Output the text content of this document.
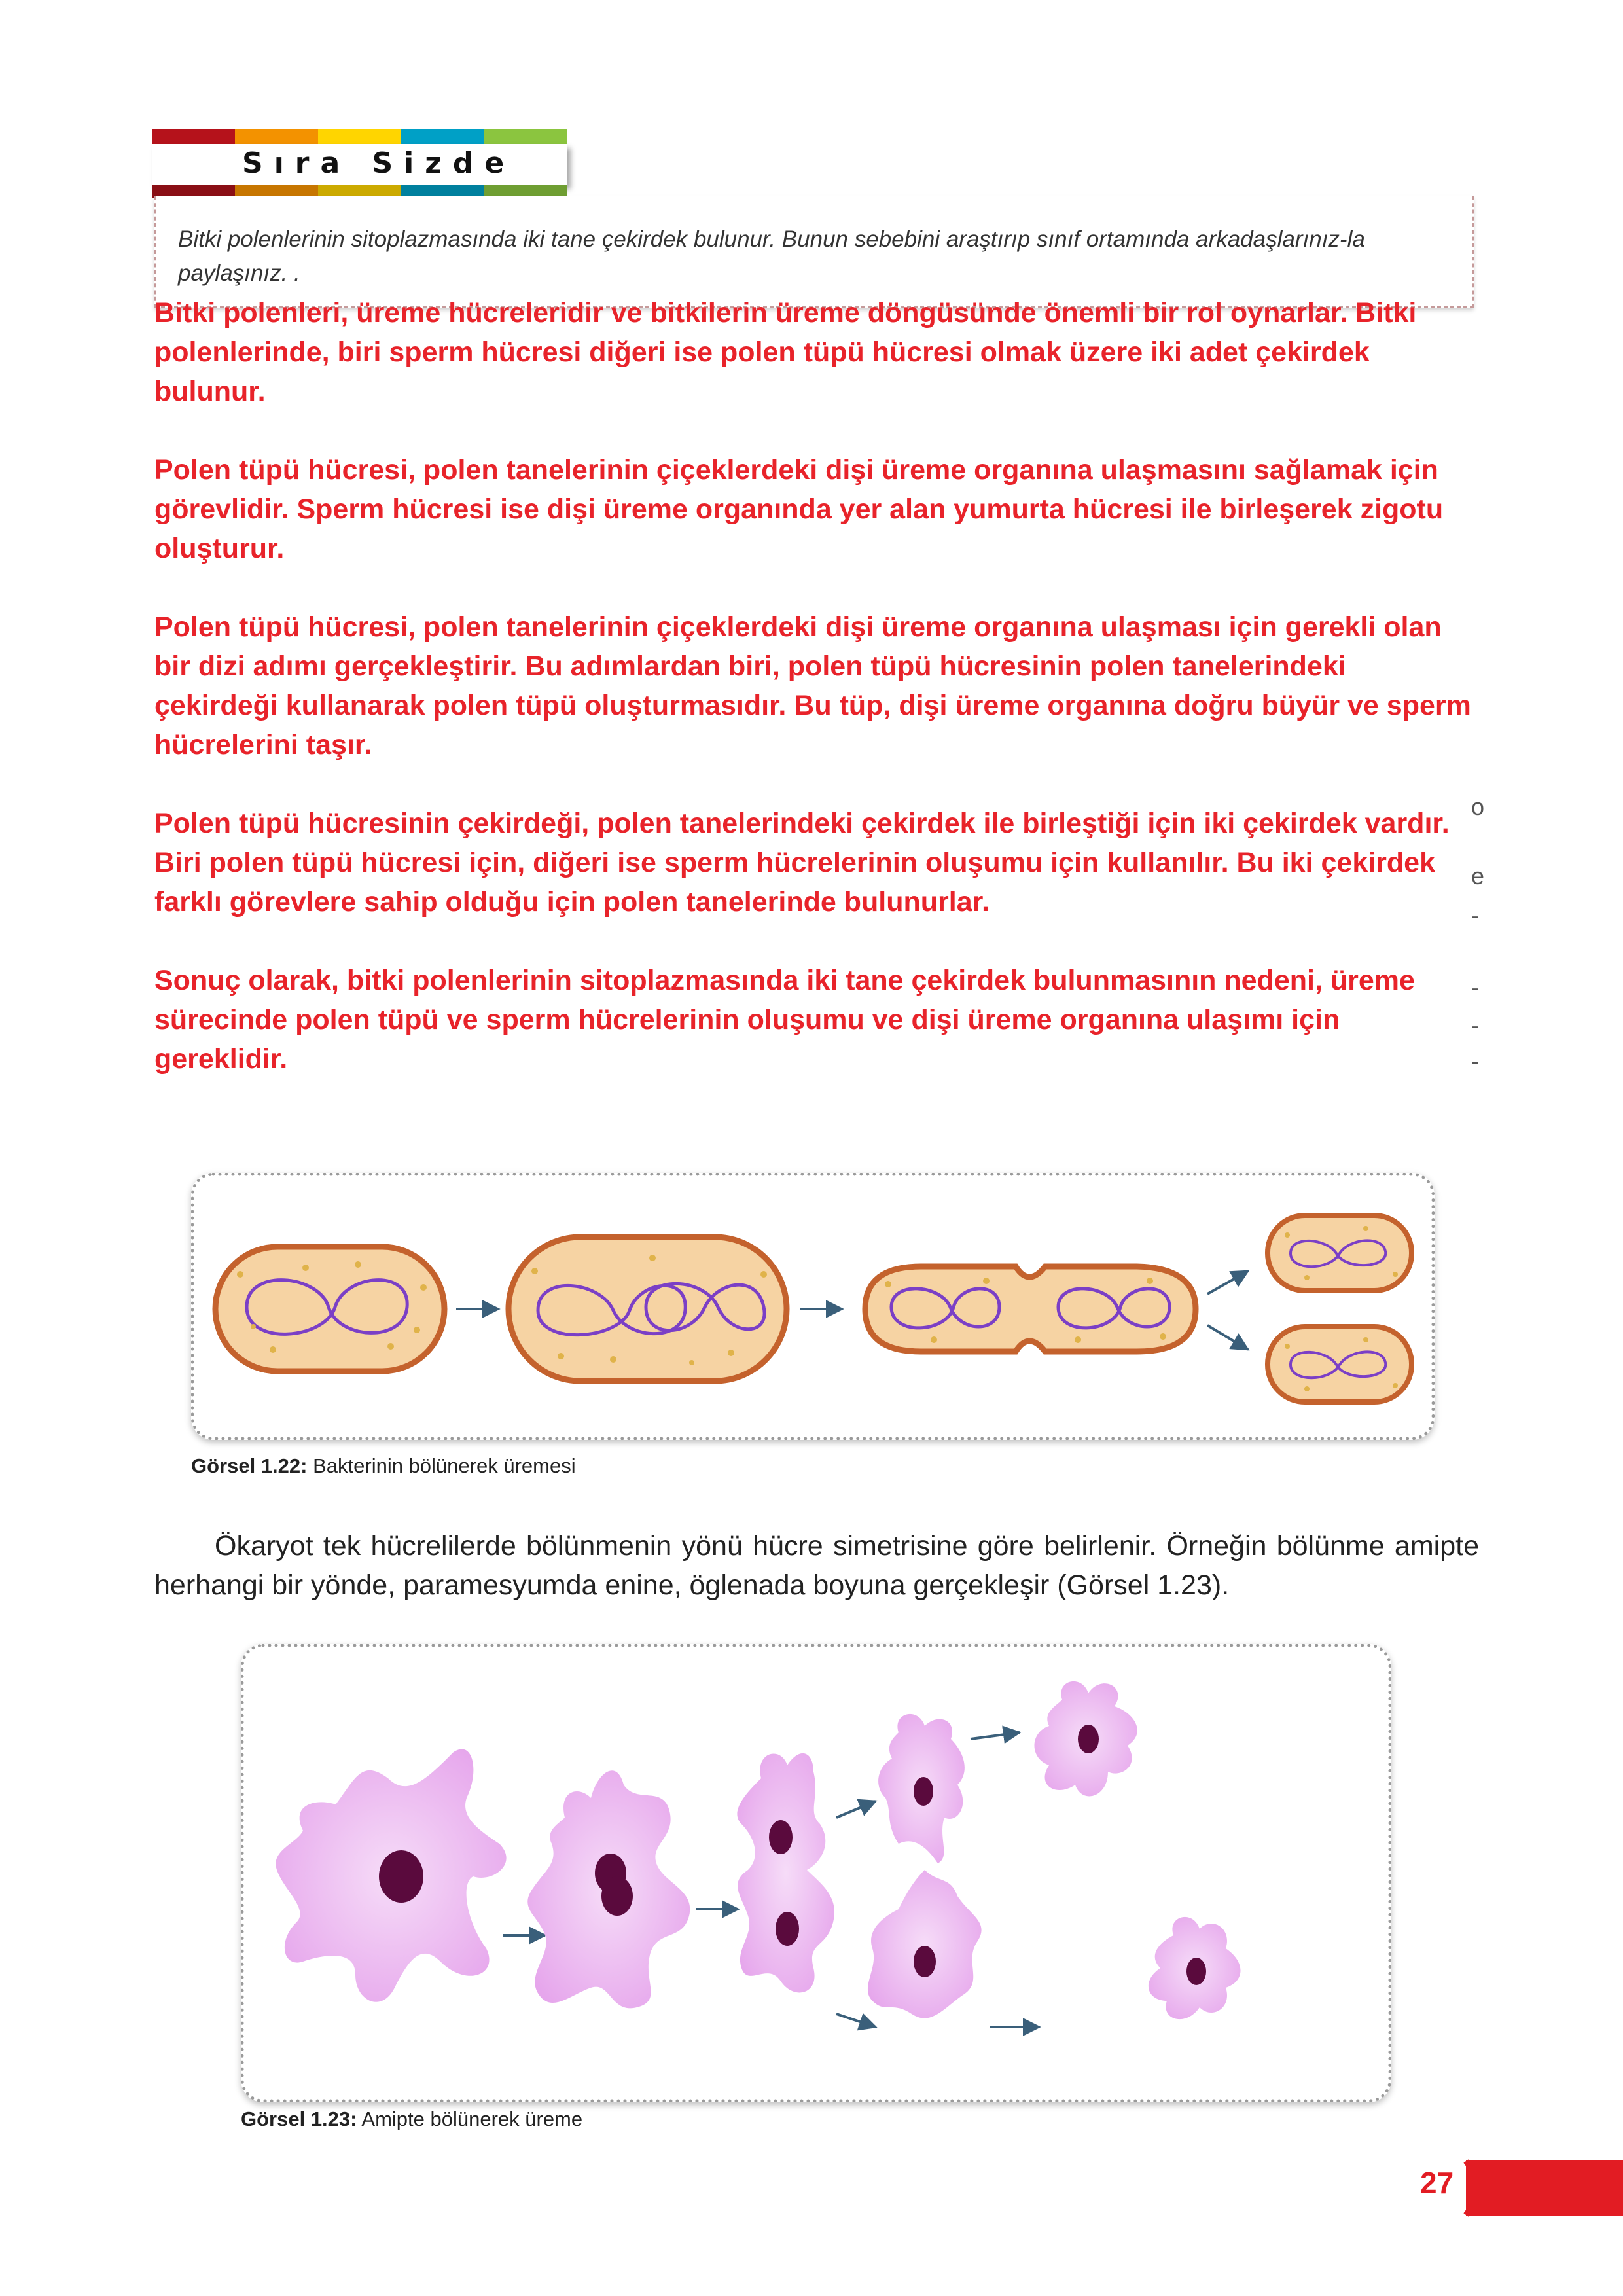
Sıra Sizde
Bitki polenlerinin sitoplazmasında iki tane çekirdek bulunur. Bunun sebebini araştırıp sınıf ortamında arkadaşlarınız-la paylaşınız. .

Bitki polenleri, üreme hücreleridir ve bitkilerin üreme döngüsünde önemli bir rol oynarlar. Bitki polenlerinde, biri sperm hücresi diğeri ise polen tüpü hücresi olmak üzere iki adet çekirdek bulunur.

Polen tüpü hücresi, polen tanelerinin çiçeklerdeki dişi üreme organına ulaşmasını sağlamak için görevlidir. Sperm hücresi ise dişi üreme organında yer alan yumurta hücresi ile birleşerek zigotu oluşturur.

Polen tüpü hücresi, polen tanelerinin çiçeklerdeki dişi üreme organına ulaşması için gerekli olan bir dizi adımı gerçekleştirir. Bu adımlardan biri, polen tüpü hücresinin polen tanelerindeki çekirdeği kullanarak polen tüpü oluşturmasıdır. Bu tüp, dişi üreme organına doğru büyür ve sperm hücrelerini taşır.

Polen tüpü hücresinin çekirdeği, polen tanelerindeki çekirdek ile birleştiği için iki çekirdek vardır. Biri polen tüpü hücresi için, diğeri ise sperm hücrelerinin oluşumu için kullanılır. Bu iki çekirdek farklı görevlere sahip olduğu için polen tanelerinde bulunurlar.

Sonuç olarak, bitki polenlerinin sitoplazmasında iki tane çekirdek bulunmasının nedeni, üreme sürecinde polen tüpü ve sperm hücrelerinin oluşumu ve dişi üreme organına ulaşımı için gereklidir.

o
e
-
-
-
-
Görsel 1.22: Bakterinin bölünerek üremesi
Ökaryot tek hücrelilerde bölünmenin yönü hücre simetrisine göre belirlenir. Örneğin bölünme amipte herhangi bir yönde, paramesyumda enine, öglenada boyuna gerçekleşir (Görsel 1.23).
Görsel 1.23: Amipte bölünerek üreme
27
